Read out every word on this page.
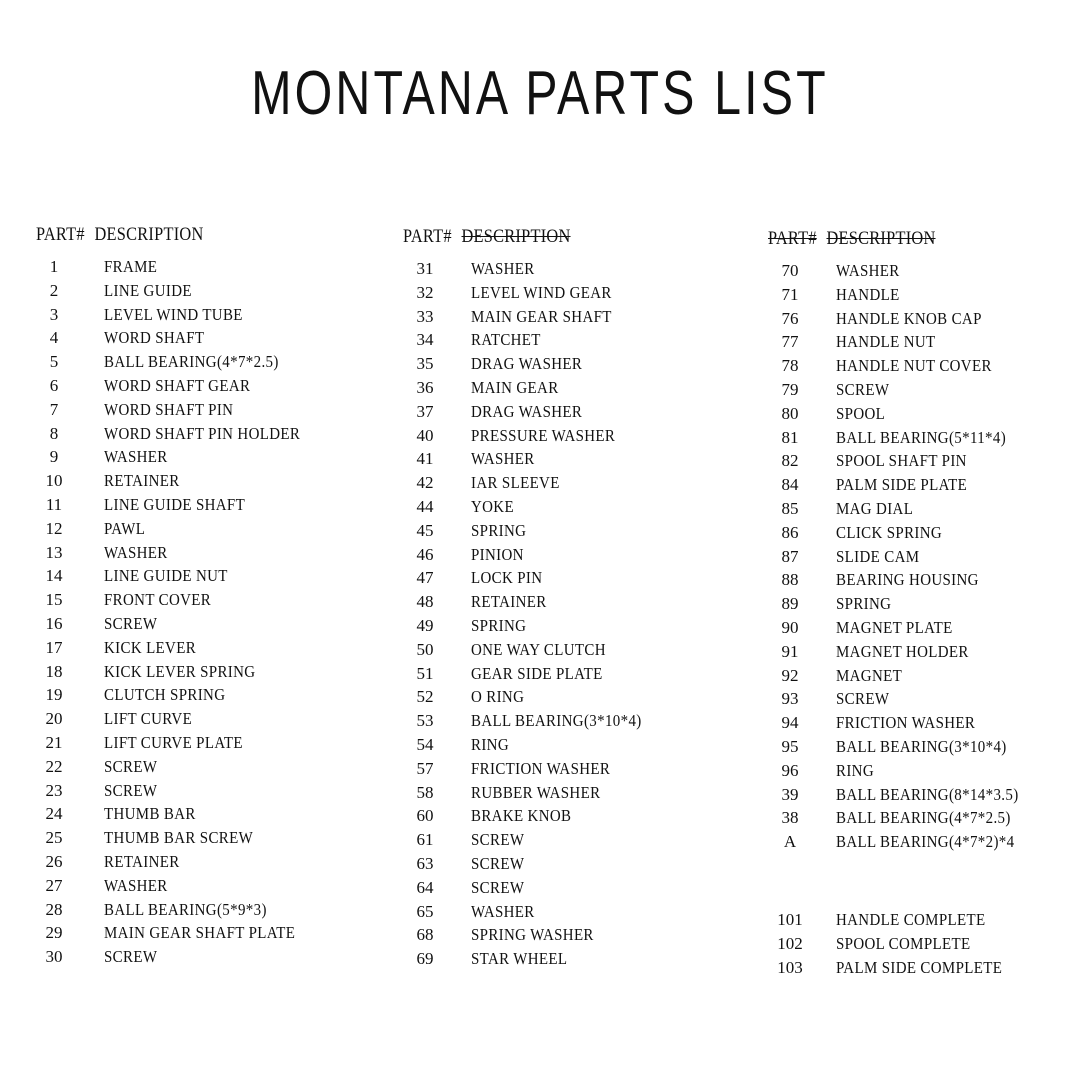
MONTANA PARTS LIST
PART# DESCRIPTION
1	FRAME
2	LINE GUIDE
3	LEVEL WIND TUBE
4	WORD SHAFT
5	BALL BEARING(4*7*2.5)
6	WORD SHAFT GEAR
7	WORD SHAFT PIN
8	WORD SHAFT PIN HOLDER
9	WASHER
10	RETAINER
11	LINE GUIDE SHAFT
12	PAWL
13	WASHER
14	LINE GUIDE NUT
15	FRONT COVER
16	SCREW
17	KICK LEVER
18	KICK LEVER SPRING
19	CLUTCH SPRING
20	LIFT CURVE
21	LIFT CURVE PLATE
22	SCREW
23	SCREW
24	THUMB BAR
25	THUMB BAR SCREW
26	RETAINER
27	WASHER
28	BALL BEARING(5*9*3)
29	MAIN GEAR SHAFT PLATE
30	SCREW
PART# DESCRIPTION
31	WASHER
32	LEVEL WIND GEAR
33	MAIN GEAR SHAFT
34	RATCHET
35	DRAG WASHER
36	MAIN GEAR
37	DRAG WASHER
40	PRESSURE WASHER
41	WASHER
42	IAR SLEEVE
44	YOKE
45	SPRING
46	PINION
47	LOCK PIN
48	RETAINER
49	SPRING
50	ONE WAY CLUTCH
51	GEAR SIDE PLATE
52	O RING
53	BALL BEARING(3*10*4)
54	RING
57	FRICTION WASHER
58	RUBBER WASHER
60	BRAKE KNOB
61	SCREW
63	SCREW
64	SCREW
65	WASHER
68	SPRING WASHER
69	STAR WHEEL
PART# DESCRIPTION
70	WASHER
71	HANDLE
76	HANDLE KNOB CAP
77	HANDLE NUT
78	HANDLE NUT COVER
79	SCREW
80	SPOOL
81	BALL BEARING(5*11*4)
82	SPOOL SHAFT PIN
84	PALM SIDE PLATE
85	MAG DIAL
86	CLICK SPRING
87	SLIDE CAM
88	BEARING HOUSING
89	SPRING
90	MAGNET PLATE
91	MAGNET HOLDER
92	MAGNET
93	SCREW
94	FRICTION WASHER
95	BALL BEARING(3*10*4)
96	RING
39	BALL BEARING(8*14*3.5)
38	BALL BEARING(4*7*2.5)
A	BALL BEARING(4*7*2)*4
101	HANDLE COMPLETE
102	SPOOL COMPLETE
103	PALM SIDE COMPLETE
